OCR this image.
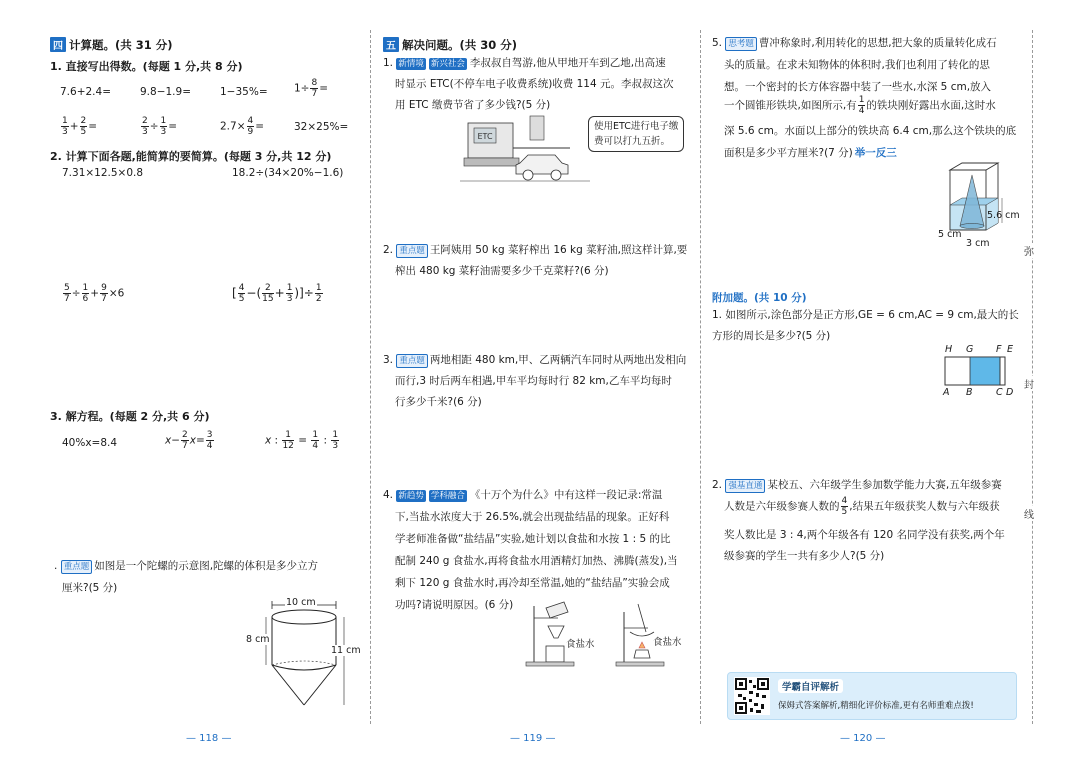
四 计算题。(共 31 分)
1. 直接写出得数。(每题 1 分,共 8 分)
7.6+2.4=	9.8−1.9=	1−35%=	$1\div \frac{8}{7}$ =
$\frac{1}{3} + \frac{2}{5}$ =	$\frac{2}{3} \div \frac{1}{3}$ =	$2.7\times \frac{4}{9}$ =	32×25%=
2. 计算下面各题,能简算的要简算。(每题 3 分,共 12 分)
7.31×12.5×0.8	18.2÷(34×20%−1.6)
$\frac{5}{7} \div \frac{1}{6} + \frac{9}{7} \times 6$	[ $\frac{4}{5}$ −( $\frac{2}{15} + \frac{1}{3}$ )]÷ $\frac{1}{2}$
3. 解方程。(每题 2 分,共 6 分)
40%x=8.4	$x- \frac{2}{7} x= \frac{3}{4}$	x : $\frac{1}{12} = \frac{1}{4}$ : $\frac{1}{3}$
. 重点题 如图是一个陀螺的示意图,陀螺的体积是多少立方
厘米?(5 分)
10 cm
8 cm
11 cm
— 118 —
五 解决问题。(共 30 分)
1. 新情境 新兴社会 李叔叔自驾游,他从甲地开车到乙地,出高速
时显示 ETC(不停车电子收费系统)收费 114 元。李叔叔这次
用 ETC 缴费节省了多少钱?(5 分)
ETC
使用ETC进行电子缴
费可以打九五折。
2. 重点题 王阿姨用 50 kg 菜籽榨出 16 kg 菜籽油,照这样计算,要
榨出 480 kg 菜籽油需要多少千克菜籽?(6 分)
3. 重点题 两地相距 480 km,甲、乙两辆汽车同时从两地出发相向
而行,3 时后两车相遇,甲车平均每时行 82 km,乙车平均每时
行多少千米?(6 分)
4. 新趋势 学科融合 《十万个为什么》中有这样一段记录:常温
下,当盐水浓度大于 26.5%,就会出现盐结晶的现象。正好科
学老师准备做“盐结晶”实验,她计划以食盐和水按 1 : 5 的比
配制 240 g 食盐水,再将食盐水用酒精灯加热、沸腾(蒸发),当
剩下 120 g 食盐水时,再冷却至常温,她的“盐结晶”实验会成
功吗?请说明原因。(6 分)
食盐水	食盐水
— 119 —
5. 思考题 曹冲称象时,利用转化的思想,把大象的质量转化成石
头的质量。在求未知物体的体积时,我们也利用了转化的思
想。一个密封的长方体容器中装了一些水,水深 5 cm,放入
一个圆锥形铁块,如图所示,有 $\frac{1}{4}$ 的铁块刚好露出水面,这时水
深 5.6 cm。水面以上部分的铁块高 6.4 cm,那么这个铁块的底
面积是多少平方厘米?(7 分) 举一反三
5.6 cm
5 cm
3 cm
附加题。(共 10 分)
1. 如图所示,涂色部分是正方形,GE = 6 cm,AC = 9 cm,最大的长
方形的周长是多少?(5 分)
H G F E
A B C D
2. 强基直通 某校五、六年级学生参加数学能力大赛,五年级参赛
人数是六年级参赛人数的 $\frac{4}{5}$ ,结果五年级获奖人数与六年级获
奖人数比是 3 : 4,两个年级各有 120 名同学没有获奖,两个年
级参赛的学生一共有多少人?(5 分)
学霸自评解析
保姆式答案解析,精细化评价标准,更有名师重难点拨!
弥
封
线
— 120 —
